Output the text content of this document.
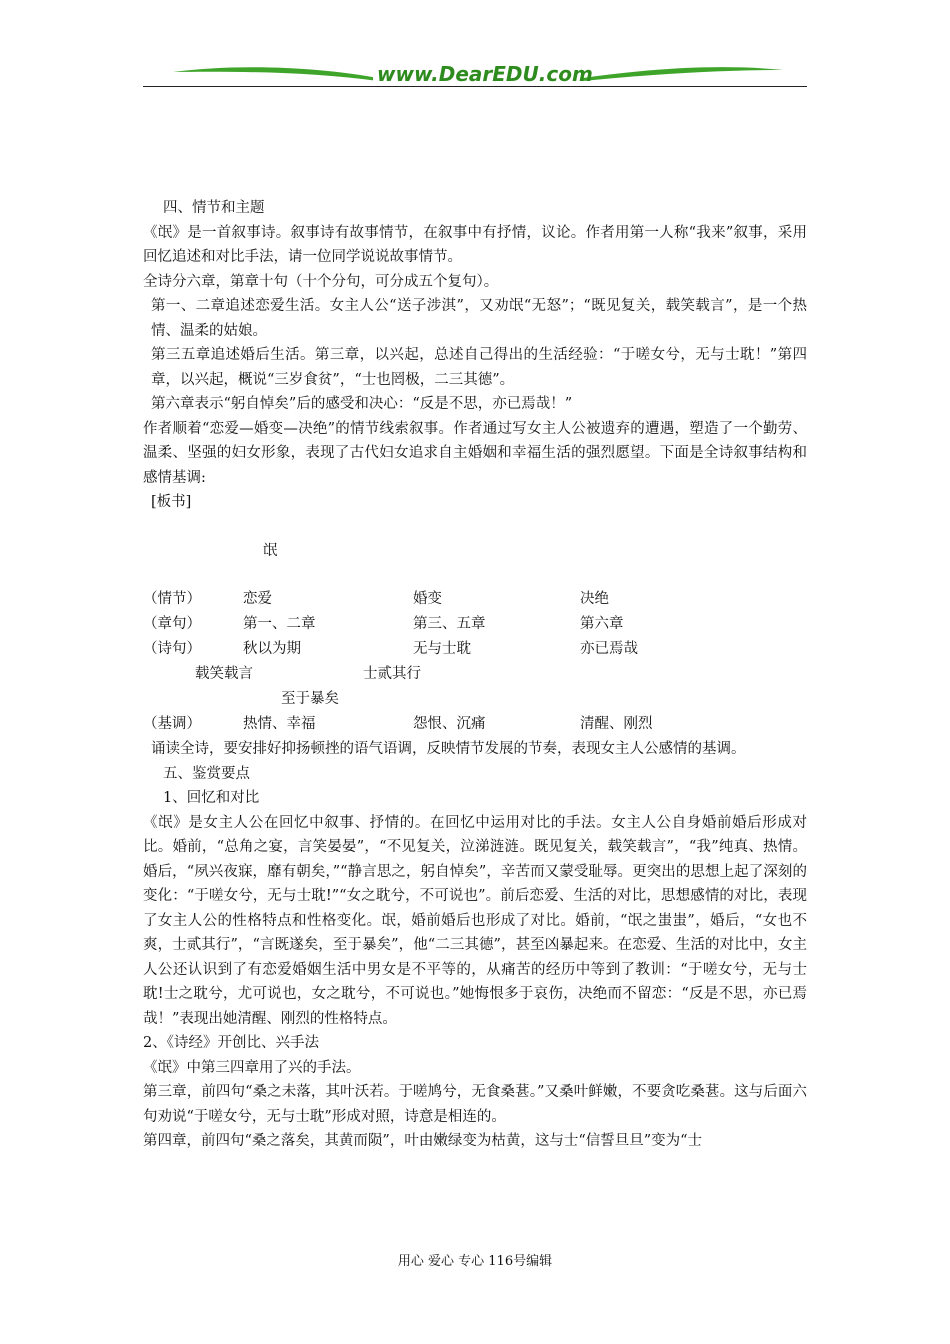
www.DearEDU.com
四、情节和主题
《氓》是一首叙事诗。叙事诗有故事情节，在叙事中有抒情，议论。作者用第一人称“我来”叙事，采用回忆追述和对比手法，请一位同学说说故事情节。
全诗分六章，第章十句（十个分句，可分成五个复句）。
第一、二章追述恋爱生活。女主人公“送子涉淇”，又劝氓“无怒”；“既见复关，载笑载言”，是一个热情、温柔的姑娘。
第三五章追述婚后生活。第三章，以兴起，总述自己得出的生活经验：“于嗟女兮，无与士耽！”第四章，以兴起，概说“三岁食贫”，“士也罔极，二三其德”。
第六章表示“躬自悼矣”后的感受和决心：“反是不思，亦已焉哉！”
作者顺着“恋爱—婚变—决绝”的情节线索叙事。作者通过写女主人公被遗弃的遭遇，塑造了一个勤劳、温柔、坚强的妇女形象，表现了古代妇女追求自主婚姻和幸福生活的强烈愿望。下面是全诗叙事结构和感情基调:
[板书]
氓
（情节）	恋爱	婚变	决绝
（章句）	第一、二章	第三、五章	第六章
（诗句）	秋以为期	无与士耽	亦已焉哉
载笑载言	士贰其行
至于暴矣
（基调）	热情、幸福	怨恨、沉痛	清醒、刚烈
诵读全诗，要安排好抑扬顿挫的语气语调，反映情节发展的节奏，表现女主人公感情的基调。
五、鉴赏要点
1、回忆和对比
《氓》是女主人公在回忆中叙事、抒情的。在回忆中运用对比的手法。女主人公自身婚前婚后形成对比。婚前，“总角之宴，言笑晏晏”，“不见复关，泣涕涟涟。既见复关，载笑载言”，“我”纯真、热情。婚后，“夙兴夜寐，靡有朝矣，”“静言思之，躬自悼矣”，辛苦而又蒙受耻辱。更突出的思想上起了深刻的变化：“于嗟女兮，无与士耽!”“女之耽兮，不可说也”。前后恋爱、生活的对比，思想感情的对比，表现了女主人公的性格特点和性格变化。氓，婚前婚后也形成了对比。婚前，“氓之蚩蚩”，婚后，“女也不爽，士贰其行”，“言既遂矣，至于暴矣”，他“二三其德”，甚至凶暴起来。在恋爱、生活的对比中，女主人公还认识到了有恋爱婚姻生活中男女是不平等的，从痛苦的经历中等到了教训：“于嗟女兮，无与士耽!士之耽兮，尤可说也，女之耽兮，不可说也。”她悔恨多于哀伤，决绝而不留恋：“反是不思，亦已焉哉！”表现出她清醒、刚烈的性格特点。
2、《诗经》开创比、兴手法
《氓》中第三四章用了兴的手法。
第三章，前四句“桑之未落，其叶沃若。于嗟鸠兮，无食桑葚。”又桑叶鲜嫩，不要贪吃桑葚。这与后面六句劝说“于嗟女兮，无与士耽”形成对照，诗意是相连的。
第四章，前四句“桑之落矣，其黄而陨”，叶由嫩绿变为枯黄，这与士“信誓旦旦”变为“士
用心 爱心 专心 116号编辑
